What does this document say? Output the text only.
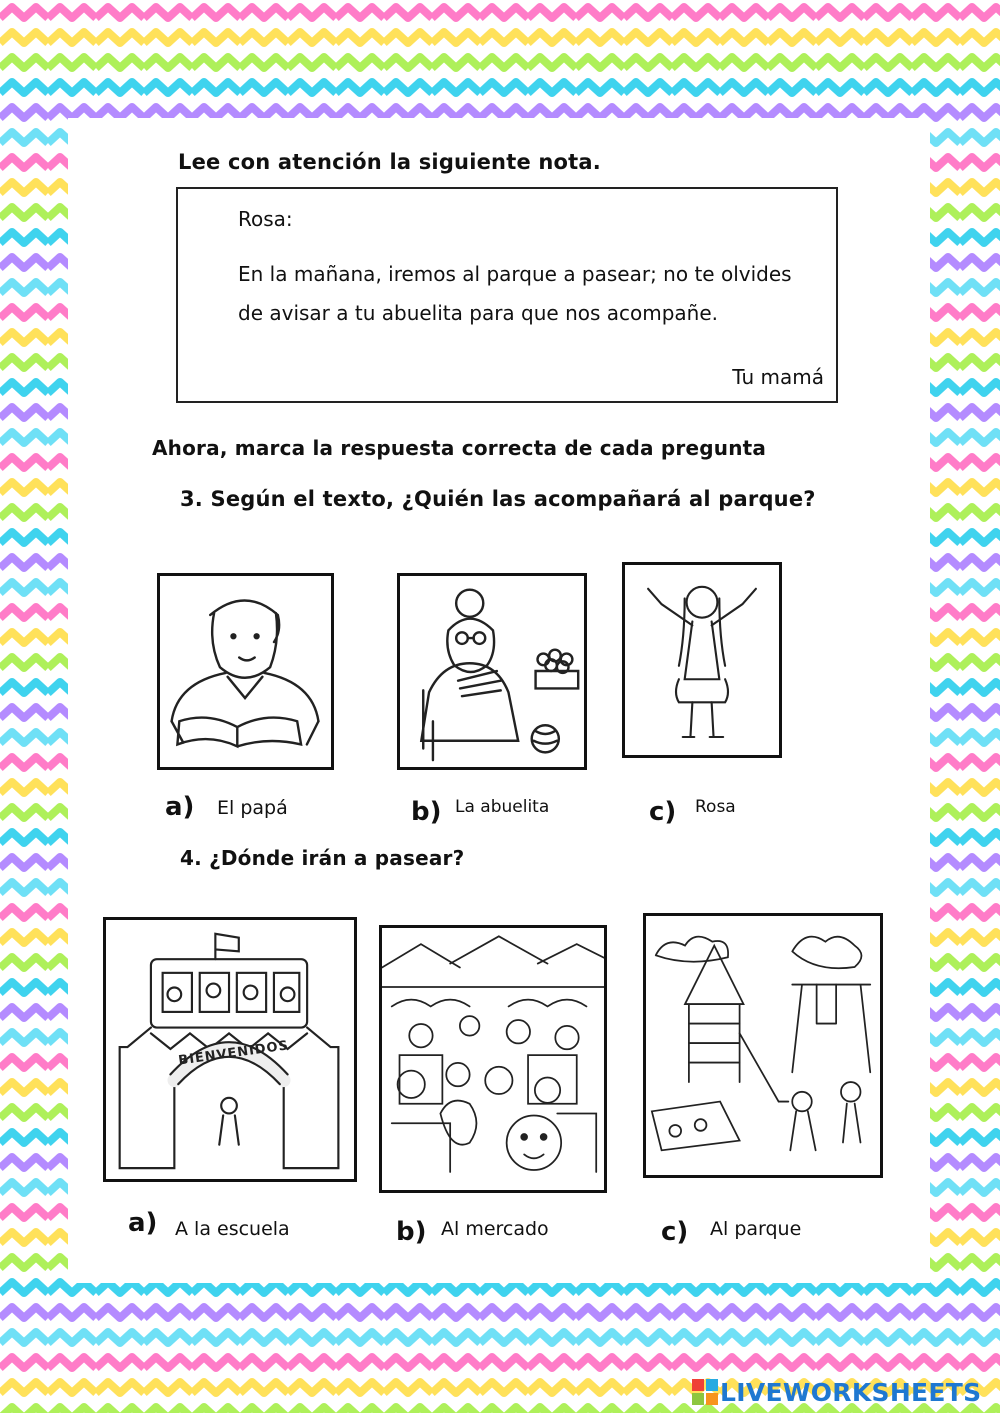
Lee con atención la siguiente nota.

Rosa:

En la mañana, iremos al parque a pasear; no te olvides de avisar a tu abuelita para que nos acompañe.

Tu mamá

Ahora, marca la respuesta correcta de cada pregunta

3. Según el texto, ¿Quién las acompañará al parque?

a) El papá	b) La abuelita	c) Rosa

4. ¿Dónde irán a pasear?

BIENVENIDOS
a) A la escuela	b) Al mercado	c) Al parque
LIVEWORKSHEETS
